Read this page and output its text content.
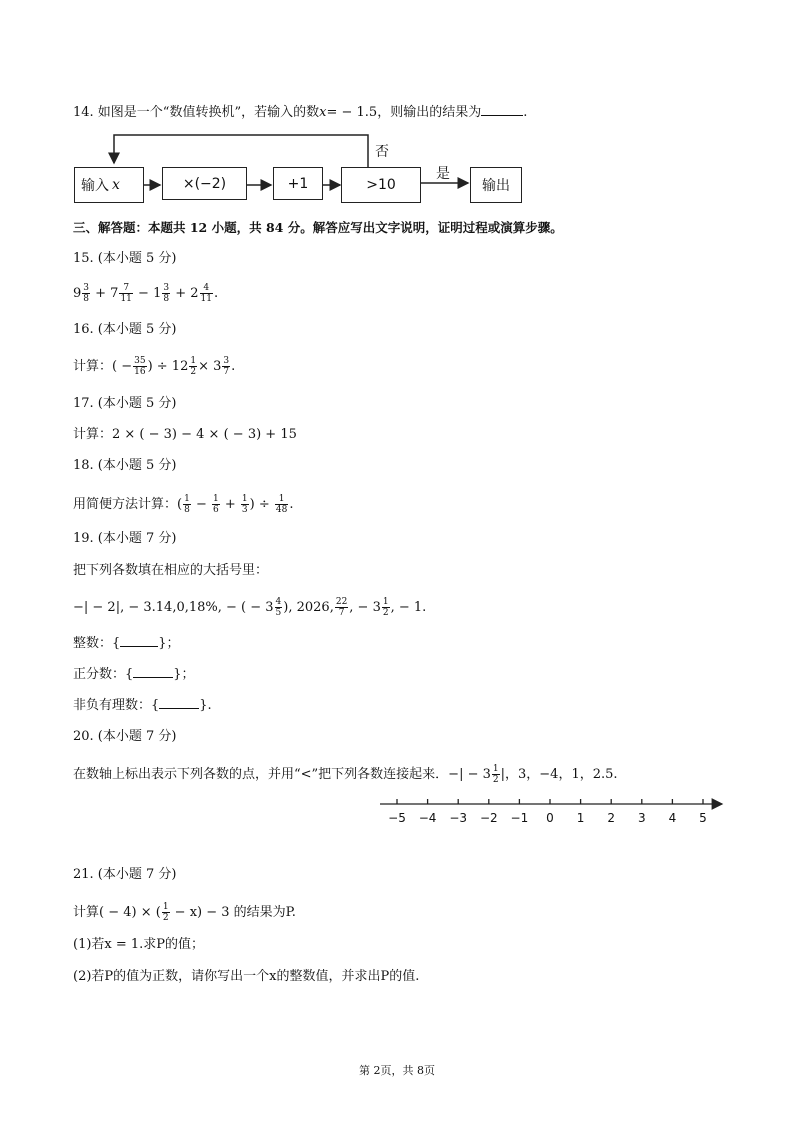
14. 如图是一个“数值转换机”，若输入的数x= − 1.5，则输出的结果为	.
输入 x	×(−2)	+1	>10	输出
否
是
三、解答题：本题共 12 小题，共 84 分。解答应写出文字说明，证明过程或演算步骤。
15. (本小题 5 分)
$9 \frac{3}{8} + 7 \frac{7}{11} - 1 \frac{3}{8} + 2 \frac{4}{11}$ .
16. (本小题 5 分)
计算：( − $\frac{35}{16}$ ) ÷ $12 \frac{1}{2} \times 3 \frac{3}{7}$ .
17. (本小题 5 分)
计算：2 × ( − 3) − 4 × ( − 3) + 15
18. (本小题 5 分)
用简便方法计算：( $\frac{1}{8} - \frac{1}{6} + \frac{1}{3}$ ) ÷ $\frac{1}{48}$ .
19. (本小题 7 分)
把下列各数填在相应的大括号里：
−| − 2|, − 3.14,0,18%, − ( − $3 \frac{4}{5}$ ), 2026, $\frac{22}{7}$ , − $3 \frac{1}{2}$ , − 1.
整数：{	}；
正分数：{	}；
非负有理数：{	}.
20. (本小题 7 分)
在数轴上标出表示下列各数的点，并用“<”把下列各数连接起来．−| − $3 \frac{1}{2}$ |，3，−4，1，2.5.
−5 −4 −3 −2 −1 0 1 2 3 4 5
21. (本小题 7 分)
计算( − 4) × ( $\frac{1}{2} - x) - 3$ 的结果为P.
(1)若x = 1.求P的值；
(2)若P的值为正数，请你写出一个x的整数值，并求出P的值.
第 2页，共 8页
